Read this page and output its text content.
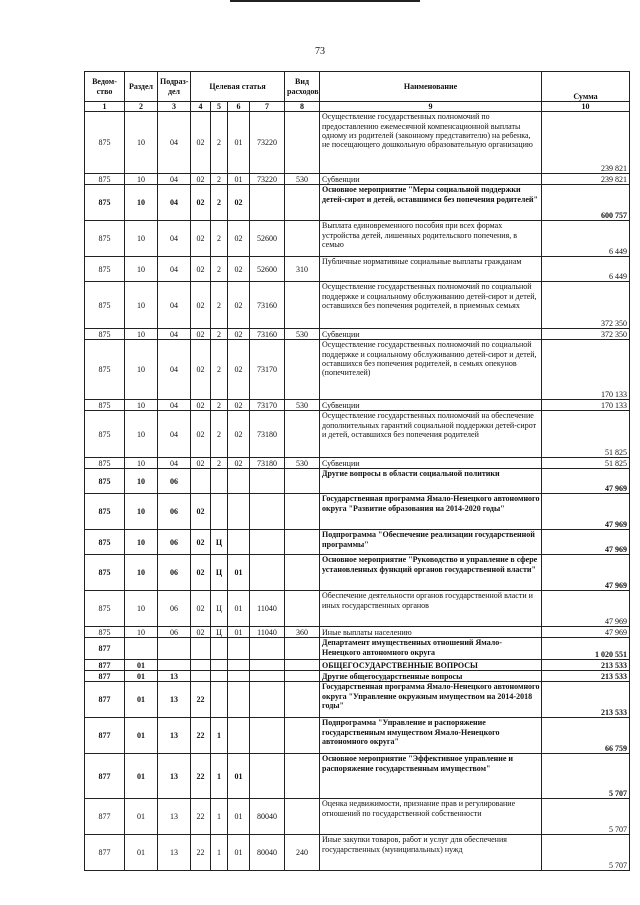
73
Ведом-ство	Раздел	Подраз-дел	Целевая статья				Вид расходов	Наименование	Сумма
1	2	3	4	5	6	7	8	9	10
875	10	04	02	2	01	73220		Осуществление государственных полномочий по предоставлению ежемесячной компенсационной выплаты одному из родителей (законному представителю) на ребенка, не посещающего дошкольную образовательную организацию	239 821
875	10	04	02	2	01	73220	530	Субвенции	239 821
875	10	04	02	2	02			Основное мероприятие "Меры социальной поддержки детей-сирот и детей, оставшимся без попечения родителей"	600 757
875	10	04	02	2	02	52600		Выплата единовременного пособия при всех формах устройства детей, лишенных родительского попечения, в семью	6 449
875	10	04	02	2	02	52600	310	Публичные нормативные социальные выплаты гражданам	6 449
875	10	04	02	2	02	73160		Осуществление государственных полномочий по социальной поддержке и социальному обслуживанию детей-сирот и детей, оставшихся без попечения родителей, в приемных семьях	372 350
875	10	04	02	2	02	73160	530	Субвенции	372 350
875	10	04	02	2	02	73170		Осуществление государственных полномочий по социальной поддержке и социальному обслуживанию детей-сирот и детей, оставшихся без попечения родителей, в семьях опекунов (попечителей)	170 133
875	10	04	02	2	02	73170	530	Субвенции	170 133
875	10	04	02	2	02	73180		Осуществление государственных полномочий на обеспечение дополнительных гарантий социальной поддержки детей-сирот и детей, оставшихся без попечения родителей	51 825
875	10	04	02	2	02	73180	530	Субвенции	51 825
875	10	06						Другие вопросы в области социальной политики	47 969
875	10	06	02					Государственная программа Ямало-Ненецкого автономного округа "Развитие образования на 2014-2020 годы"	47 969
875	10	06	02	Ц				Подпрограмма "Обеспечение реализации государственной программы"	47 969
875	10	06	02	Ц	01			Основное мероприятие "Руководство и управление в сфере установленных функций органов государственной власти"	47 969
875	10	06	02	Ц	01	11040		Обеспечение деятельности органов государственной власти и иных государственных органов	47 969
875	10	06	02	Ц	01	11040	360	Иные выплаты населению	47 969
877								Департамент имущественных отношений Ямало-Ненецкого автономного округа	1 020 551
877	01							ОБЩЕГОСУДАРСТВЕННЫЕ ВОПРОСЫ	213 533
877	01	13						Другие общегосударственные вопросы	213 533
877	01	13	22					Государственная программа Ямало-Ненецкого автономного округа "Управление окружным имуществом на 2014-2018 годы"	213 533
877	01	13	22	1				Подпрограмма "Управление и распоряжение государственным имуществом Ямало-Ненецкого автономного округа"	66 759
877	01	13	22	1	01			Основное мероприятие "Эффективное управление и распоряжение государственным имуществом"	5 707
877	01	13	22	1	01	80040		Оценка недвижимости, признание прав и регулирование отношений по государственной собственности	5 707
877	01	13	22	1	01	80040	240	Иные закупки товаров, работ и услуг для обеспечения государственных (муниципальных) нужд	5 707
